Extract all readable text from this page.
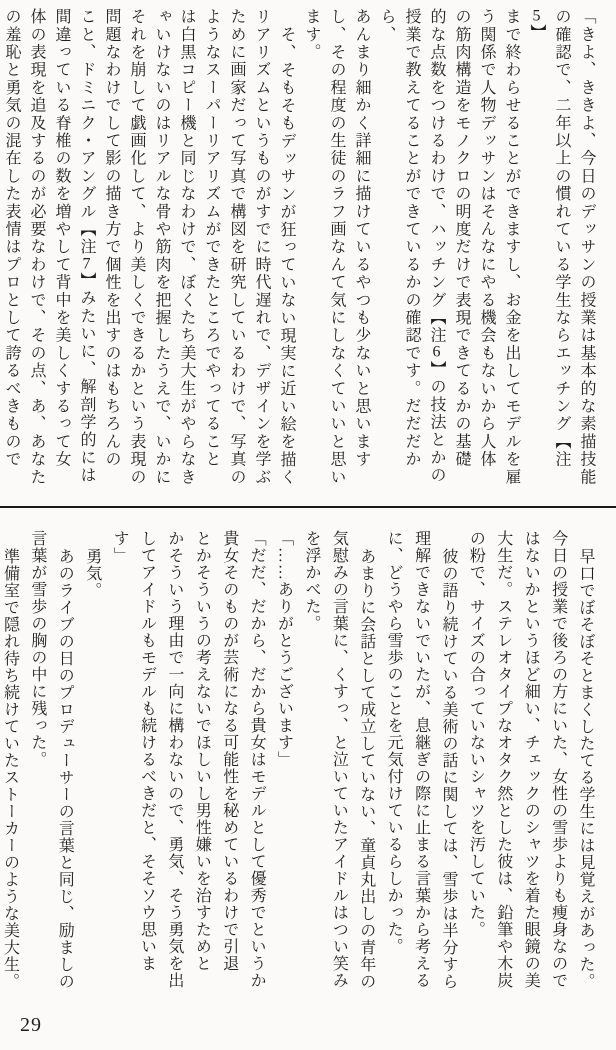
「きよ、ききよ、今日のデッサンの授業は基本的な素描技能

の確認で、二年以上の慣れている学生ならエッチング【注5】

まで終わらせることができますし、お金を出してモデルを雇

う関係で人物デッサンはそんなにやる機会もないから人体

の筋肉構造をモノクロの明度だけで表現できてるかの基礎

的な点数をつけるわけで、ハッチング【注6】の技法とかの

授業で教えてることができているかの確認です。だだだから、

あんまり細かく詳細に描けているやつも少ないと思います

し、その程度の生徒のラフ画なんて気にしなくていいと思い

ます。

そ、そもそもデッサンが狂っていない現実に近い絵を描く

リアリズムというものがすでに時代遅れで、デザインを学ぶ

ために画家だって写真で構図を研究しているわけで、写真の

ようなスーパーリアリズムができたところでやってること

は白黒コピー機と同じなわけで、ぼくたち美大生がやらなき

ゃいけないのはリアルな骨や筋肉を把握したうえで、いかに

それを崩して戯画化して、より美しくできるかという表現の

問題なわけでして影の描き方で個性を出すのはもちろんの

こと、ドミニク・アングル【注7】みたいに、解剖学的には

間違っている脊椎の数を増やして背中を美しくするって女

体の表現を追及するのが必要なわけで、その点、あ、あなた

の羞恥と勇気の混在した表情はプロとして誇るべきもので

早口でぼそぼそとまくしたてる学生には見覚えがあった。

今日の授業で後ろの方にいた、女性の雪歩よりも痩身なので

はないかというほど細い、チェックのシャツを着た眼鏡の美

大生だ。ステレオタイプなオタク然とした彼は、鉛筆や木炭

の粉で、サイズの合っていないシャツを汚していた。

彼の語り続けている美術の話に関しては、雪歩は半分すら

理解できないでいたが、息継ぎの際に止まる言葉から考える

に、どうやら雪歩のことを元気付けているらしかった。

あまりに会話として成立していない、童貞丸出しの青年の

気慰みの言葉に、くすっ、と泣いていたアイドルはつい笑み

を浮かべた。

「……ありがとうございます」

「だだ、だから、だから貴女はモデルとして優秀でというか

貴女そのものが芸術になる可能性を秘めているわけで引退

とかそういうの考えないでほしいし男性嫌いを治すためと

かそういう理由で一向に構わないので、勇気、そう勇気を出

してアイドルもモデルも続けるべきだと、そそソウ思います」

勇気。

あのライブの日のプロデューサーの言葉と同じ、励ましの

言葉が雪歩の胸の中に残った。

準備室で隠れ待ち続けていたストーカーのような美大生。

29
